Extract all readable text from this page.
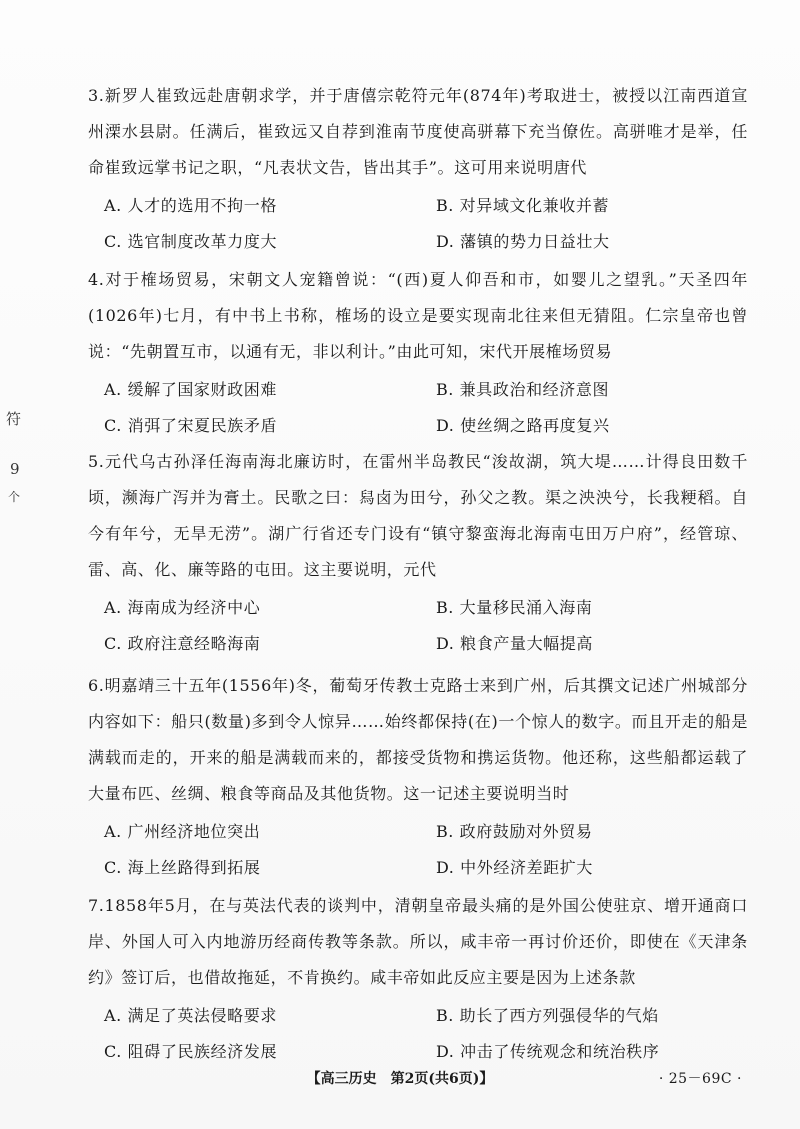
符
9
个

3.新罗人崔致远赴唐朝求学，并于唐僖宗乾符元年(874年)考取进士，被授以江南西道宣州溧水县尉。任满后，崔致远又自荐到淮南节度使高骈幕下充当僚佐。高骈唯才是举，任命崔致远掌书记之职，“凡表状文告，皆出其手”。这可用来说明唐代

A. 人才的选用不拘一格	B. 对异域文化兼收并蓄
C. 选官制度改革力度大	D. 藩镇的势力日益壮大

4.对于榷场贸易，宋朝文人宠籍曾说：“(西)夏人仰吾和市，如婴儿之望乳。”天圣四年(1026年)七月，有中书上书称，榷场的设立是要实现南北往来但无猜阻。仁宗皇帝也曾说：“先朝置互市，以通有无，非以利计。”由此可知，宋代开展榷场贸易

A. 缓解了国家财政困难	B. 兼具政治和经济意图
C. 消弭了宋夏民族矛盾	D. 使丝绸之路再度复兴

5.元代乌古孙泽任海南海北廉访时，在雷州半岛教民“浚故湖，筑大堤……计得良田数千顷，濒海广泻并为膏土。民歌之曰：舄卤为田兮，孙父之教。渠之泱泱兮，长我粳稻。自今有年兮，无旱无涝”。湖广行省还专门设有“镇守黎蛮海北海南屯田万户府”，经管琼、雷、高、化、廉等路的屯田。这主要说明，元代

A. 海南成为经济中心	B. 大量移民涌入海南
C. 政府注意经略海南	D. 粮食产量大幅提高

6.明嘉靖三十五年(1556年)冬，葡萄牙传教士克路士来到广州，后其撰文记述广州城部分内容如下：船只(数量)多到令人惊异……始终都保持(在)一个惊人的数字。而且开走的船是满载而走的，开来的船是满载而来的，都接受货物和携运货物。他还称，这些船都运载了大量布匹、丝绸、粮食等商品及其他货物。这一记述主要说明当时

A. 广州经济地位突出	B. 政府鼓励对外贸易
C. 海上丝路得到拓展	D. 中外经济差距扩大

7.1858年5月，在与英法代表的谈判中，清朝皇帝最头痛的是外国公使驻京、增开通商口岸、外国人可入内地游历经商传教等条款。所以，咸丰帝一再讨价还价，即使在《天津条约》签订后，也借故拖延，不肯换约。咸丰帝如此反应主要是因为上述条款

A. 满足了英法侵略要求	B. 助长了西方列强侵华的气焰
C. 阻碍了民族经济发展	D. 冲击了传统观念和统治秩序
【高三历史　第2页(共6页)】	· 25－69C ·
